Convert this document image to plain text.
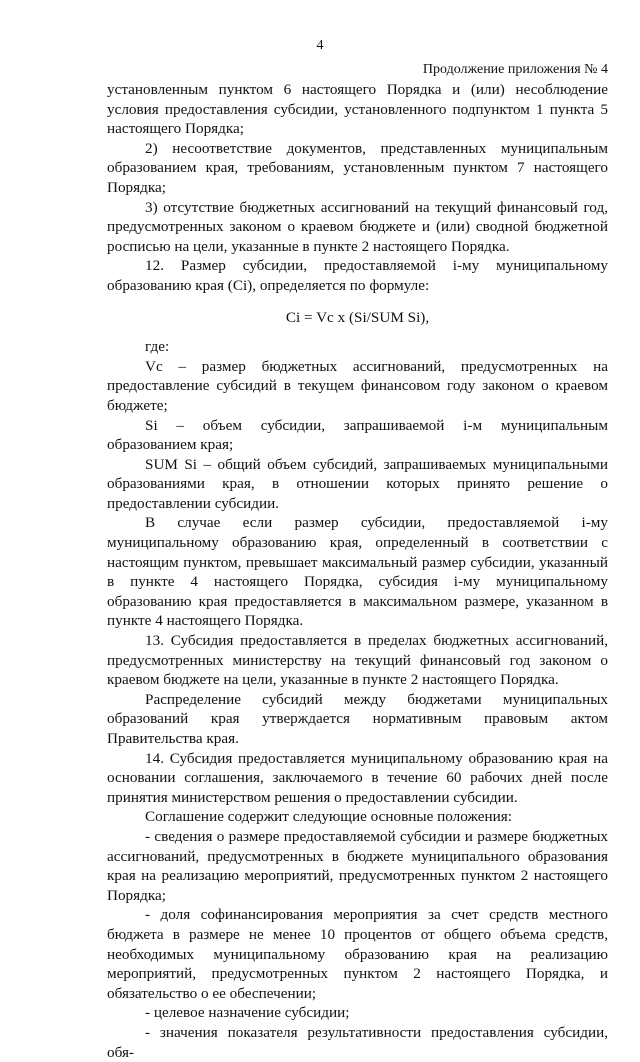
4
Продолжение приложения № 4

установленным пунктом 6 настоящего Порядка и (или) несоблюдение условия предоставления субсидии, установленного подпунктом 1 пункта 5 настоящего Порядка;

2) несоответствие документов, представленных муниципальным образованием края, требованиям, установленным пунктом 7 настоящего Порядка;

3) отсутствие бюджетных ассигнований на текущий финансовый год, предусмотренных законом о краевом бюджете и (или) сводной бюджетной росписью на цели, указанные в пункте 2 настоящего Порядка.

12. Размер субсидии, предоставляемой i-му муниципальному образованию края (Ci), определяется по формуле:

Ci = Vc x (Si/SUM Si),

где:

Vc – размер бюджетных ассигнований, предусмотренных на предоставление субсидий в текущем финансовом году законом о краевом бюджете;

Si – объем субсидии, запрашиваемой i-м муниципальным образованием края;

SUM Si – общий объем субсидий, запрашиваемых муниципальными образованиями края, в отношении которых принято решение о предоставлении субсидии.

В случае если размер субсидии, предоставляемой i-му муниципальному образованию края, определенный в соответствии с настоящим пунктом, превышает максимальный размер субсидии, указанный в пункте 4 настоящего Порядка, субсидия i-му муниципальному образованию края предоставляется в максимальном размере, указанном в пункте 4 настоящего Порядка.

13. Субсидия предоставляется в пределах бюджетных ассигнований, предусмотренных министерству на текущий финансовый год законом о краевом бюджете на цели, указанные в пункте 2 настоящего Порядка.

Распределение субсидий между бюджетами муниципальных образований края утверждается нормативным правовым актом Правительства края.

14. Субсидия предоставляется муниципальному образованию края на основании соглашения, заключаемого в течение 60 рабочих дней после принятия министерством решения о предоставлении субсидии.

Соглашение содержит следующие основные положения:

- сведения о размере предоставляемой субсидии и размере бюджетных ассигнований, предусмотренных в бюджете муниципального образования края на реализацию мероприятий, предусмотренных пунктом 2 настоящего Порядка;

- доля софинансирования мероприятия за счет средств местного бюджета в размере не менее 10 процентов от общего объема средств, необходимых муниципальному образованию края на реализацию мероприятий, предусмотренных пунктом 2 настоящего Порядка, и обязательство о ее обеспечении;

- целевое назначение субсидии;

- значения показателя результативности предоставления субсидии, обя-
